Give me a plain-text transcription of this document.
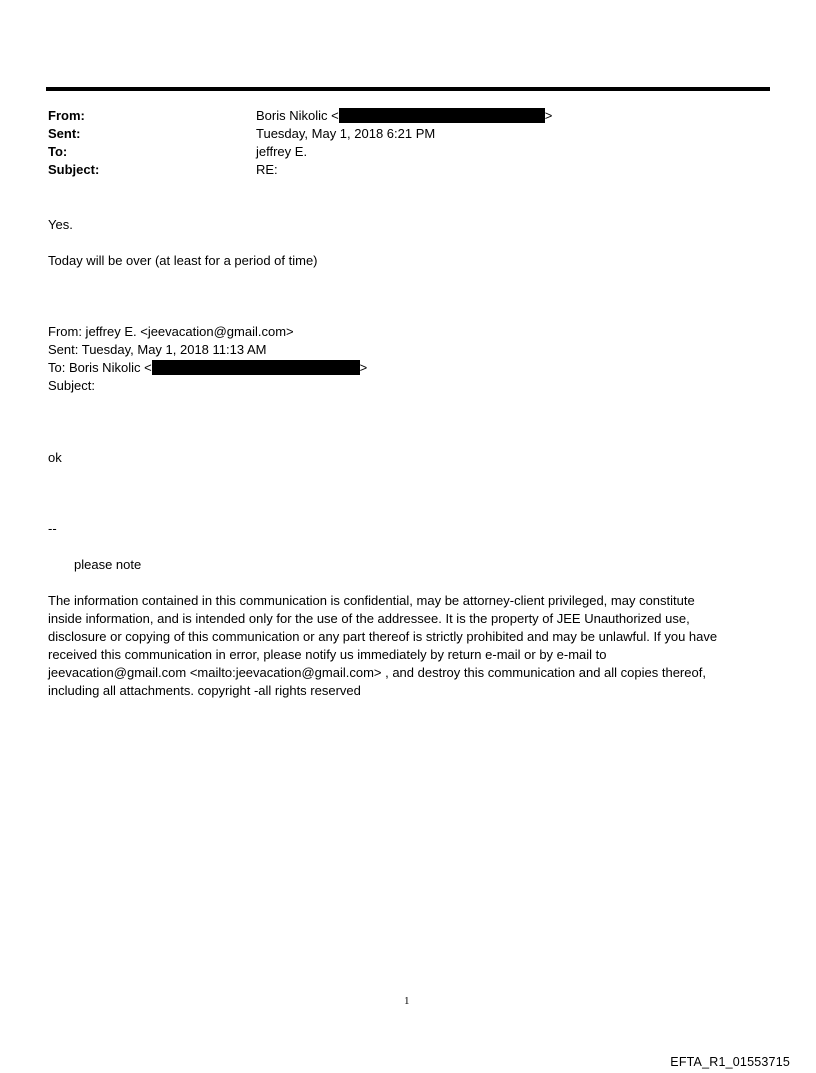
From:	Boris Nikolic <	>
Sent:	Tuesday, May 1, 2018 6:21 PM
To:	jeffrey E.
Subject:	RE:
Yes.
Today will be over (at least for a period of time)
From: jeffrey E. <jeevacation@gmail.com>
Sent: Tuesday, May 1, 2018 11:13 AM
To: Boris Nikolic <	>
Subject:
ok
--
please note
The information contained in this communication is confidential, may be attorney-client privileged, may constitute
inside information, and is intended only for the use of the addressee. It is the property of JEE Unauthorized use,
disclosure or copying of this communication or any part thereof is strictly prohibited and may be unlawful. If you have
received this communication in error, please notify us immediately by return e-mail or by e-mail to
jeevacation@gmail.com <mailto:jeevacation@gmail.com> , and destroy this communication and all copies thereof,
including all attachments. copyright -all rights reserved
1
EFTA_R1_01553715
